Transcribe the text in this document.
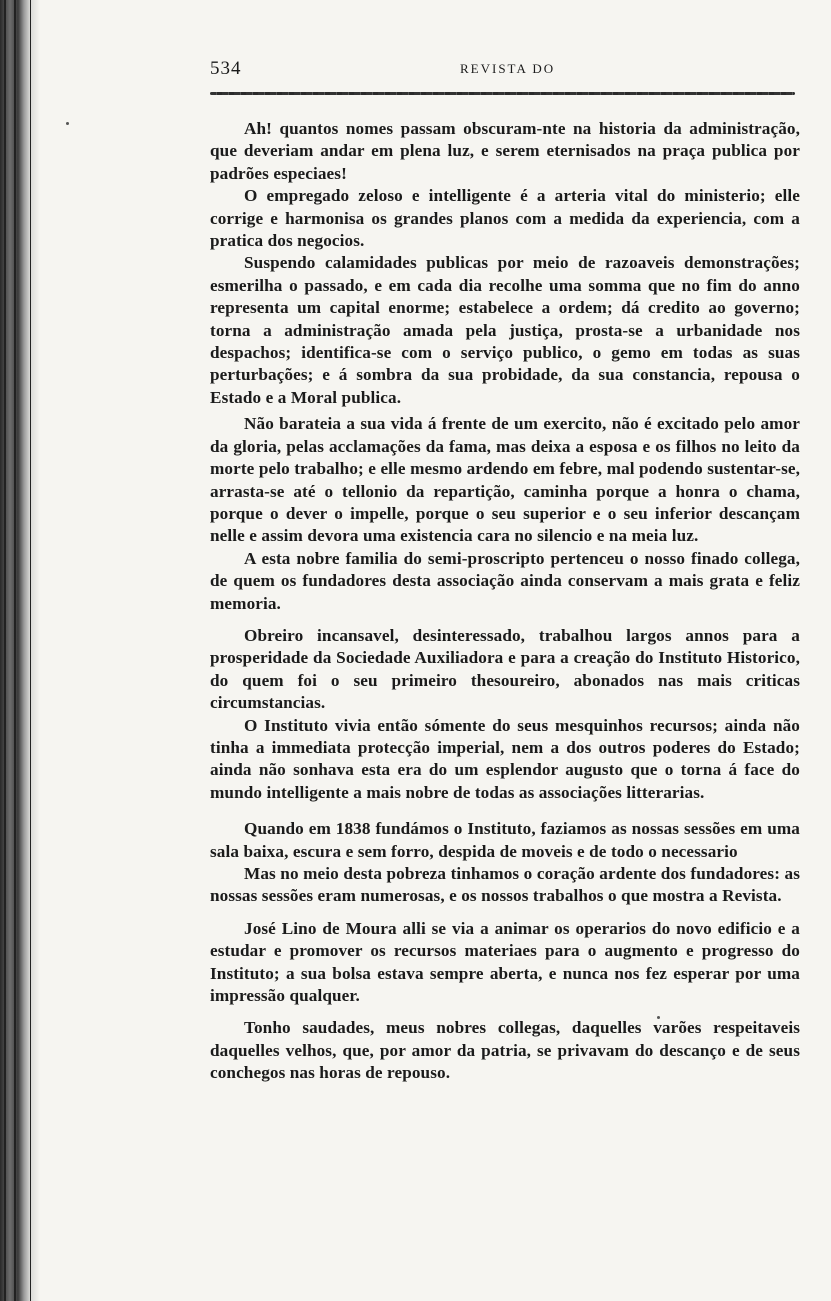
534	REVISTA DO

Ah! quantos nomes passam obscuram-nte na historia da administração, que deveriam andar em plena luz, e serem eternisados na praça publica por padrões especiaes!

O empregado zeloso e intelligente é a arteria vital do ministerio; elle corrige e harmonisa os grandes planos com a medida da experiencia, com a pratica dos negocios.

Suspendo calamidades publicas por meio de razoaveis demonstrações; esmerilha o passado, e em cada dia recolhe uma somma que no fim do anno representa um capital enorme; estabelece a ordem; dá credito ao governo; torna a administração amada pela justiça, prosta-se a urbanidade nos despachos; identifica-se com o serviço publico, o gemo em todas as suas perturbações; e á sombra da sua probidade, da sua constancia, repousa o Estado e a Moral publica.

Não barateia a sua vida á frente de um exercito, não é excitado pelo amor da gloria, pelas acclamações da fama, mas deixa a esposa e os filhos no leito da morte pelo trabalho; e elle mesmo ardendo em febre, mal podendo sustentar-se, arrasta-se até o tellonio da repartição, caminha porque a honra o chama, porque o dever o impelle, porque o seu superior e o seu inferior descançam nelle e assim devora uma existencia cara no silencio e na meia luz.

A esta nobre familia do semi-proscripto pertenceu o nosso finado collega, de quem os fundadores desta associação ainda conservam a mais grata e feliz memoria.

Obreiro incansavel, desinteressado, trabalhou largos annos para a prosperidade da Sociedade Auxiliadora e para a creação do Instituto Historico, do quem foi o seu primeiro thesoureiro, abonados nas mais criticas circumstancias.

O Instituto vivia então sómente do seus mesquinhos recursos; ainda não tinha a immediata protecção imperial, nem a dos outros poderes do Estado; ainda não sonhava esta era do um esplendor augusto que o torna á face do mundo intelligente a mais nobre de todas as associações litterarias.

Quando em 1838 fundámos o Instituto, faziamos as nossas sessões em uma sala baixa, escura e sem forro, despida de moveis e de todo o necessario

Mas no meio desta pobreza tinhamos o coração ardente dos fundadores: as nossas sessões eram numerosas, e os nossos trabalhos o que mostra a Revista.

José Lino de Moura alli se via a animar os operarios do novo edificio e a estudar e promover os recursos materiaes para o augmento e progresso do Instituto; a sua bolsa estava sempre aberta, e nunca nos fez esperar por uma impressão qualquer.

Tonho saudades, meus nobres collegas, daquelles varões respeitaveis daquelles velhos, que, por amor da patria, se privavam do descanço e de seus conchegos nas horas de repouso.
